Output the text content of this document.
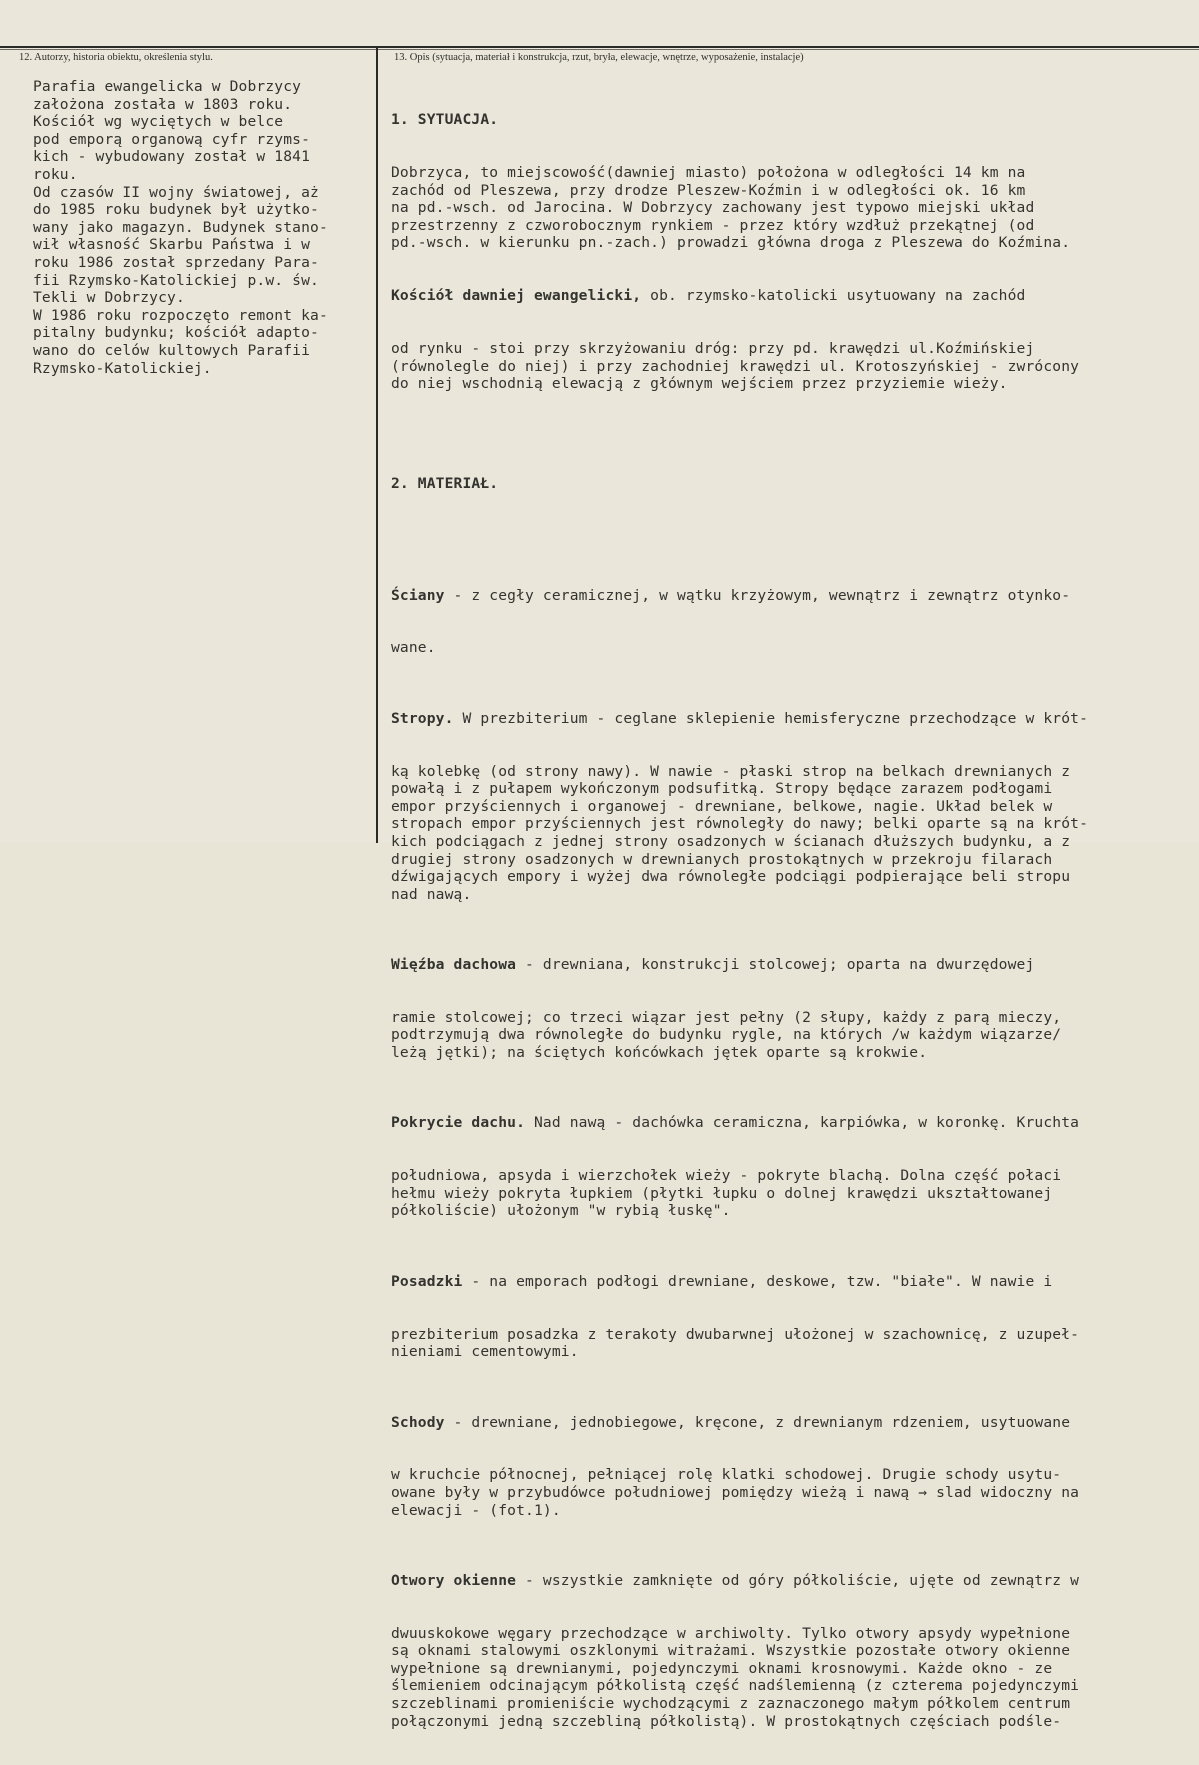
12. Autorzy, historia obiektu, określenia stylu.	13. Opis (sytuacja, materiał i konstrukcja, rzut, bryła, elewacje, wnętrze, wyposażenie, instalacje)
Parafia ewangelicka w Dobrzycy
założona została w 1803 roku.
Kościół wg wyciętych w belce
pod emporą organową cyfr rzyms-
kich - wybudowany został w 1841
roku.
Od czasów II wojny światowej, aż
do 1985 roku budynek był użytko-
wany jako magazyn. Budynek stano-
wił własność Skarbu Państwa i w
roku 1986 został sprzedany Para-
fii Rzymsko-Katolickiej p.w. św.
Tekli w Dobrzycy.
W 1986 roku rozpoczęto remont ka-
pitalny budynku; kościół adapto-
wano do celów kultowych Parafii
Rzymsko-Katolickiej.

1. SYTUACJA.

Dobrzyca, to miejscowość(dawniej miasto) położona w odległości 14 km na
zachód od Pleszewa, przy drodze Pleszew-Koźmin i w odległości ok. 16 km
na pd.-wsch. od Jarocina. W Dobrzycy zachowany jest typowo miejski układ
przestrzenny z czworobocznym rynkiem - przez który wzdłuż przekątnej (od
pd.-wsch. w kierunku pn.-zach.) prowadzi główna droga z Pleszewa do Koźmina.

Kościół dawniej ewangelicki, ob. rzymsko-katolicki usytuowany na zachód

od rynku - stoi przy skrzyżowaniu dróg: przy pd. krawędzi ul.Koźmińskiej
(równolegle do niej) i przy zachodniej krawędzi ul. Krotoszyńskiej - zwrócony
do niej wschodnią elewacją z głównym wejściem przez przyziemie wieży.

2. MATERIAŁ.

Ściany - z cegły ceramicznej, w wątku krzyżowym, wewnątrz i zewnątrz otynko-

wane.

Stropy. W prezbiterium - ceglane sklepienie hemisferyczne przechodzące w krót-

ką kolebkę (od strony nawy). W nawie - płaski strop na belkach drewnianych z
powałą i z pułapem wykończonym podsufitką. Stropy będące zarazem podłogami
empor przyściennych i organowej - drewniane, belkowe, nagie. Układ belek w
stropach empor przyściennych jest równoległy do nawy; belki oparte są na krót-
kich podciągach z jednej strony osadzonych w ścianach dłuższych budynku, a z
drugiej strony osadzonych w drewnianych prostokątnych w przekroju filarach
dźwigających empory i wyżej dwa równoległe podciągi podpierające beli stropu
nad nawą.

Więźba dachowa - drewniana, konstrukcji stolcowej; oparta na dwurzędowej

ramie stolcowej; co trzeci wiązar jest pełny (2 słupy, każdy z parą mieczy,
podtrzymują dwa równoległe do budynku rygle, na których /w każdym wiązarze/
leżą jętki); na ściętych końcówkach jętek oparte są krokwie.

Pokrycie dachu. Nad nawą - dachówka ceramiczna, karpiówka, w koronkę. Kruchta

południowa, apsyda i wierzchołek wieży - pokryte blachą. Dolna część połaci
hełmu wieży pokryta łupkiem (płytki łupku o dolnej krawędzi ukształtowanej
półkoliście) ułożonym "w rybią łuskę".

Posadzki - na emporach podłogi drewniane, deskowe, tzw. "białe". W nawie i

prezbiterium posadzka z terakoty dwubarwnej ułożonej w szachownicę, z uzupeł-
nieniami cementowymi.

Schody - drewniane, jednobiegowe, kręcone, z drewnianym rdzeniem, usytuowane

w kruchcie północnej, pełniącej rolę klatki schodowej. Drugie schody usytu-
owane były w przybudówce południowej pomiędzy wieżą i nawą → slad widoczny na
elewacji - (fot.1).

Otwory okienne - wszystkie zamknięte od góry półkoliście, ujęte od zewnątrz w

dwuuskokowe węgary przechodzące w archiwolty. Tylko otwory apsydy wypełnione
są oknami stalowymi oszklonymi witrażami. Wszystkie pozostałe otwory okienne
wypełnione są drewnianymi, pojedynczymi oknami krosnowymi. Każde okno - ze
ślemieniem odcinającym półkolistą część nadślemienną (z czterema pojedynczymi
szczeblinami promieniście wychodzącymi z zaznaczonego małym półkolem centrum
połączonymi jedną szczebliną półkolistą). W prostokątnych częściach podśle-
